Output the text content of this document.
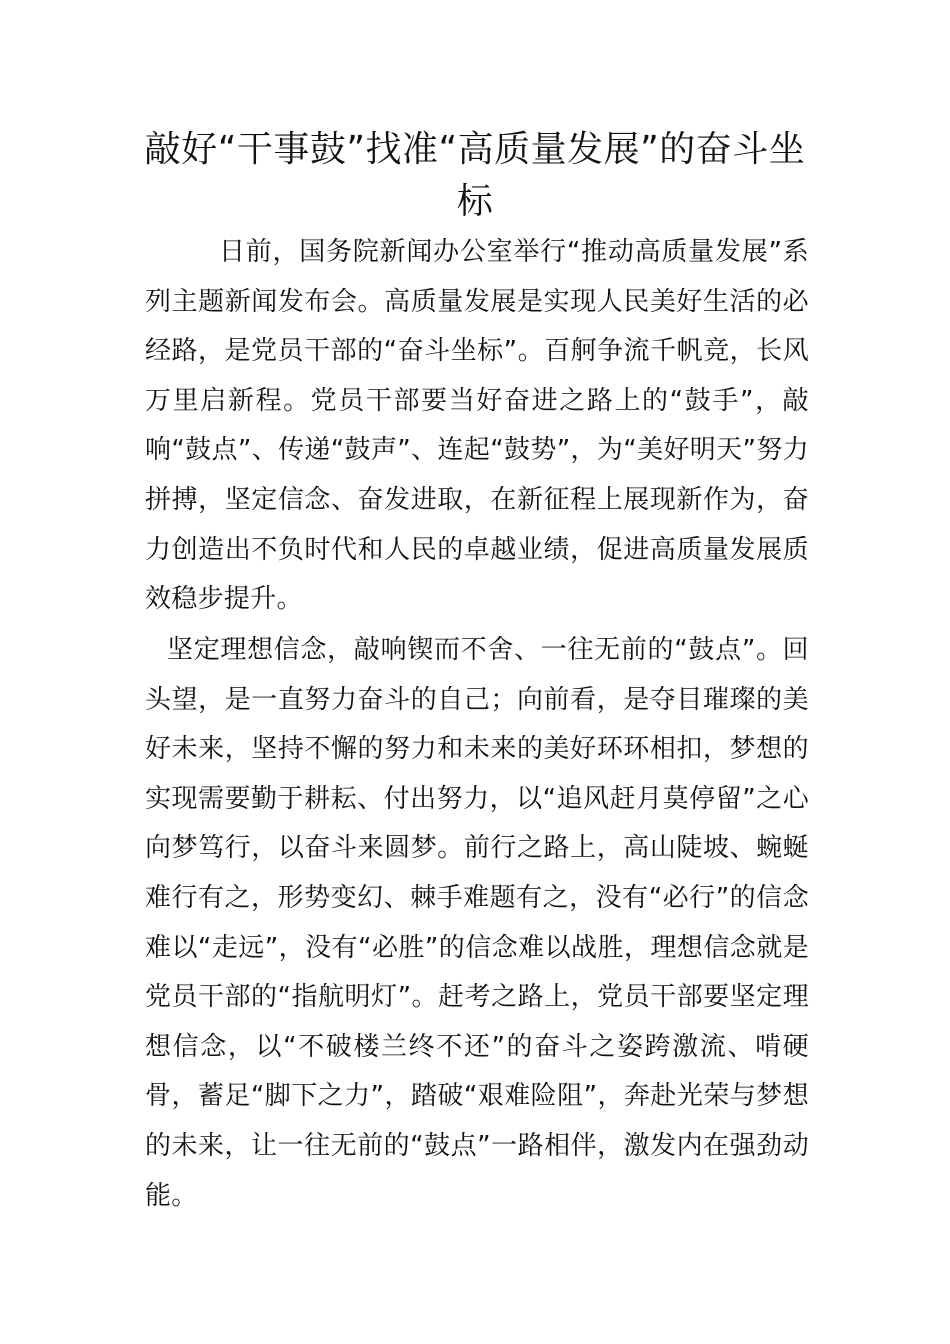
敲好“干事鼓”找准“高质量发展”的奋斗坐标

日前，国务院新闻办公室举行“推动高质量发展”系列主题新闻发布会。高质量发展是实现人民美好生活的必经路，是党员干部的“奋斗坐标”。百舸争流千帆竞，长风万里启新程。党员干部要当好奋进之路上的“鼓手”，敲响“鼓点”、传递“鼓声”、连起“鼓势”，为“美好明天”努力拼搏，坚定信念、奋发进取，在新征程上展现新作为，奋力创造出不负时代和人民的卓越业绩，促进高质量发展质效稳步提升。

坚定理想信念，敲响锲而不舍、一往无前的“鼓点”。回头望，是一直努力奋斗的自己；向前看，是夺目璀璨的美好未来，坚持不懈的努力和未来的美好环环相扣，梦想的实现需要勤于耕耘、付出努力，以“追风赶月莫停留”之心向梦笃行，以奋斗来圆梦。前行之路上，高山陡坡、蜿蜒难行有之，形势变幻、棘手难题有之，没有“必行”的信念难以“走远”，没有“必胜”的信念难以战胜，理想信念就是党员干部的“指航明灯”。赶考之路上，党员干部要坚定理想信念，以“不破楼兰终不还”的奋斗之姿跨激流、啃硬骨，蓄足“脚下之力”，踏破“艰难险阻”，奔赴光荣与梦想的未来，让一往无前的“鼓点”一路相伴，激发内在强劲动能。
